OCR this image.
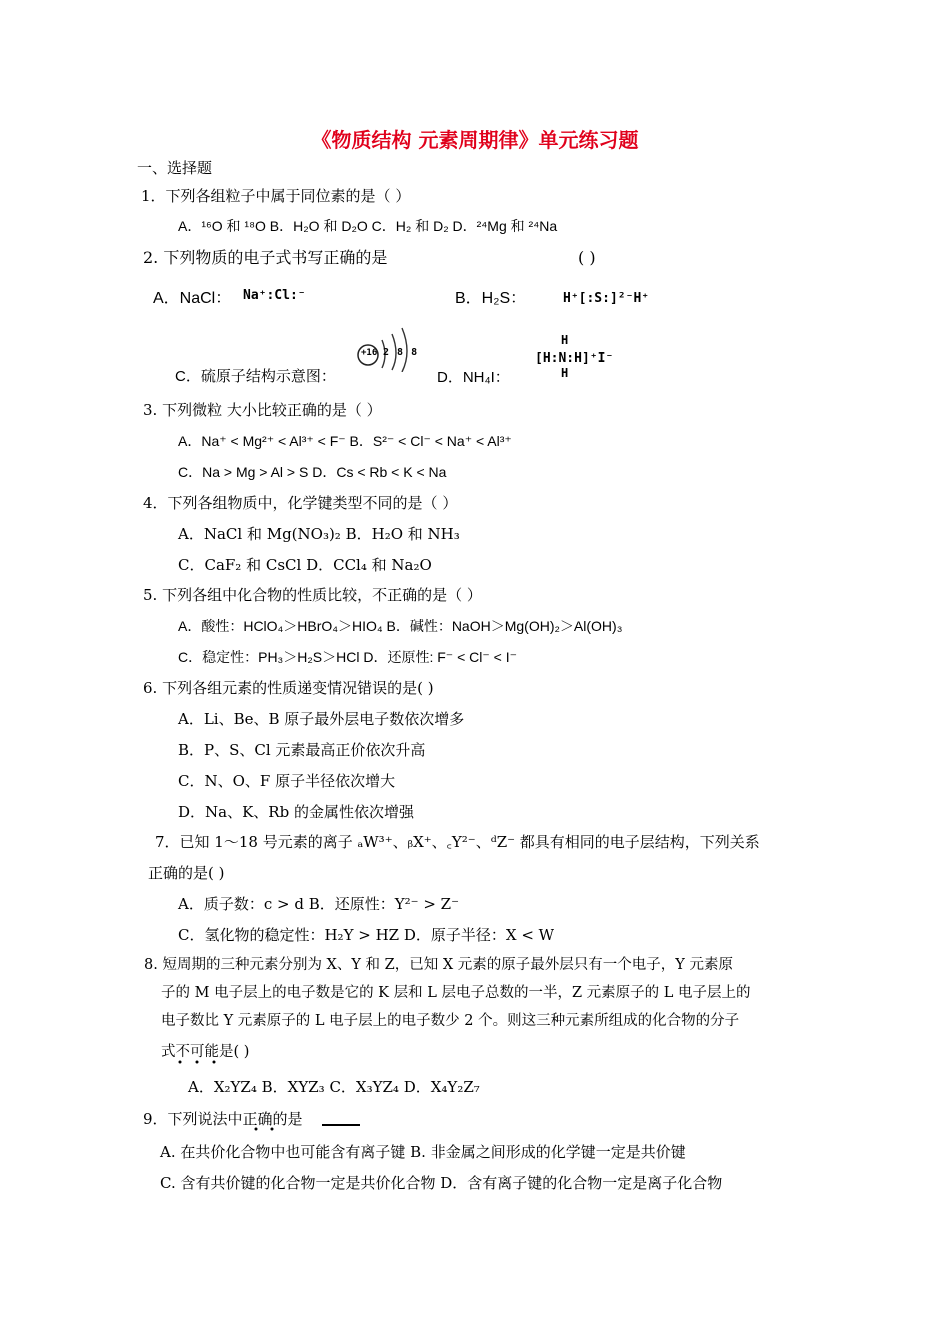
《物质结构 元素周期律》单元练习题
一、选择题
1．下列各组粒子中属于同位素的是（ ）
A．¹⁶O 和 ¹⁸O B．H₂O 和 D₂O C．H₂ 和 D₂ D．²⁴Mg 和 ²⁴Na
2. 下列物质的电子式书写正确的是	( )
A．NaCl： Na⁺:Cl:⁻	B．H₂S：	H⁺[:S:]²⁻H⁺
+16 2 8 8
C．硫原子结构示意图：
H
[H:N:H]⁺I⁻
H
D．NH₄I：
3. 下列微粒 大小比较正确的是（ ）
A．Na⁺ < Mg²⁺ < Al³⁺ < F⁻ B．S²⁻ < Cl⁻ < Na⁺ < Al³⁺
C．Na > Mg > Al > S D．Cs < Rb < K < Na
4．下列各组物质中，化学键类型不同的是（ ）
A．NaCl 和 Mg(NO₃)₂ B．H₂O 和 NH₃
C．CaF₂ 和 CsCl D．CCl₄ 和 Na₂O
5. 下列各组中化合物的性质比较，不正确的是（ ）
A．酸性：HClO₄＞HBrO₄＞HIO₄ B．碱性：NaOH＞Mg(OH)₂＞Al(OH)₃
C．稳定性：PH₃＞H₂S＞HCl D．还原性: F⁻ < Cl⁻ < I⁻
6. 下列各组元素的性质递变情况错误的是( )
A．Li、Be、B 原子最外层电子数依次增多
B．P、S、Cl 元素最高正价依次升高
C．N、O、F 原子半径依次增大
D．Na、K、Rb 的金属性依次增强
7．已知 1～18 号元素的离子 ₐW³⁺、ᵦX⁺、꜀Y²⁻、ᵈZ⁻ 都具有相同的电子层结构，下列关系
正确的是( )
A．质子数：c > d B．还原性：Y²⁻ > Z⁻
C．氢化物的稳定性：H₂Y > HZ D．原子半径：X < W
8. 短周期的三种元素分别为 X、Y 和 Z，已知 X 元素的原子最外层只有一个电子，Y 元素原
子的 M 电子层上的电子数是它的 K 层和 L 层电子总数的一半，Z 元素原子的 L 电子层上的
电子数比 Y 元素原子的 L 电子层上的电子数少 2 个。则这三种元素所组成的化合物的分子
式不可能是( )
A．X₂YZ₄ B．XYZ₃ C．X₃YZ₄ D．X₄Y₂Z₇
9．下列说法中正确的是
A. 在共价化合物中也可能含有离子键 B. 非金属之间形成的化学键一定是共价键
C. 含有共价键的化合物一定是共价化合物 D．含有离子键的化合物一定是离子化合物
